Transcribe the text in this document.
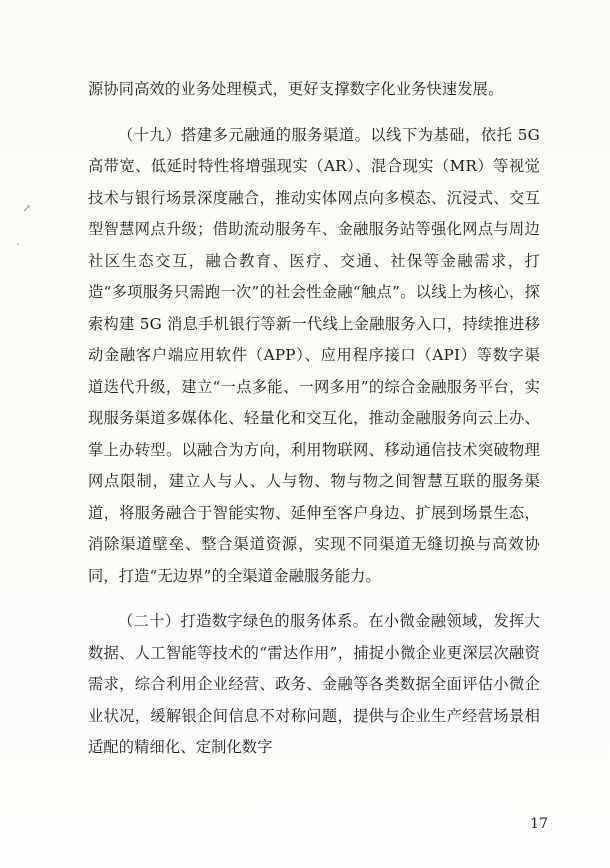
↗
·

源协同高效的业务处理模式，更好支撑数字化业务快速发展。

（十九）搭建多元融通的服务渠道。以线下为基础，依托 5G 高带宽、低延时特性将增强现实（AR）、混合现实（MR）等视觉技术与银行场景深度融合，推动实体网点向多模态、沉浸式、交互型智慧网点升级；借助流动服务车、金融服务站等强化网点与周边社区生态交互，融合教育、医疗、交通、社保等金融需求，打造“多项服务只需跑一次”的社会性金融“触点”。以线上为核心，探索构建 5G 消息手机银行等新一代线上金融服务入口，持续推进移动金融客户端应用软件（APP）、应用程序接口（API）等数字渠道迭代升级，建立“一点多能、一网多用”的综合金融服务平台，实现服务渠道多媒体化、轻量化和交互化，推动金融服务向云上办、掌上办转型。以融合为方向，利用物联网、移动通信技术突破物理网点限制，建立人与人、人与物、物与物之间智慧互联的服务渠道，将服务融合于智能实物、延伸至客户身边、扩展到场景生态，消除渠道壁垒、整合渠道资源，实现不同渠道无缝切换与高效协同，打造“无边界”的全渠道金融服务能力。

（二十）打造数字绿色的服务体系。在小微金融领域，发挥大数据、人工智能等技术的“雷达作用”，捕捉小微企业更深层次融资需求，综合利用企业经营、政务、金融等各类数据全面评估小微企业状况，缓解银企间信息不对称问题，提供与企业生产经营场景相适配的精细化、定制化数字

17
